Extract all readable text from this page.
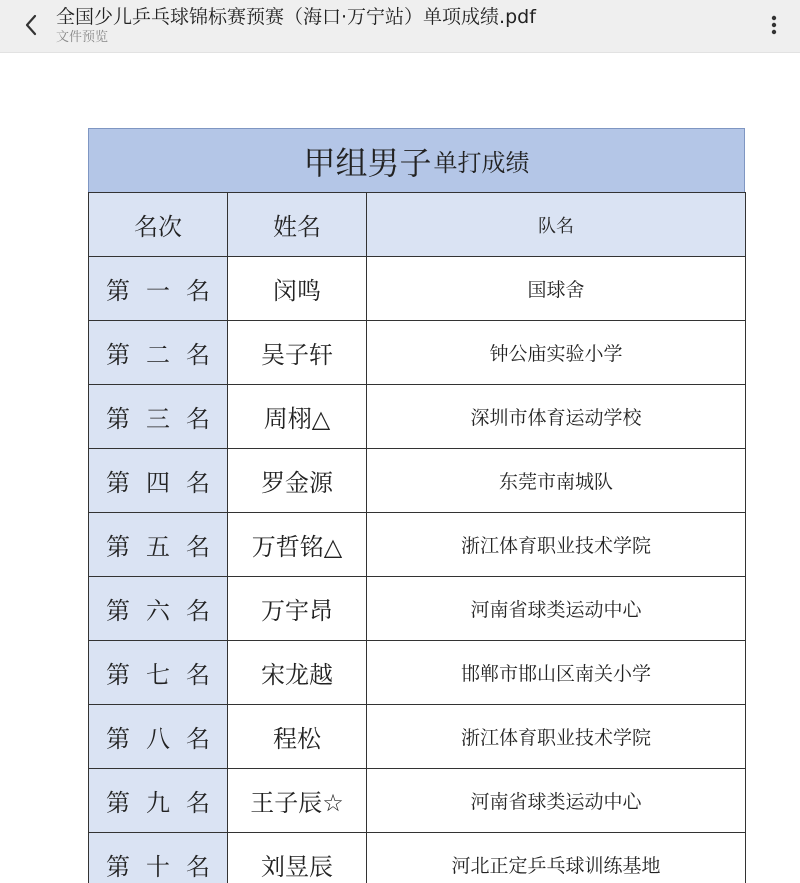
全国少儿乒乓球锦标赛预赛（海口·万宁站）单项成绩.pdf
文件预览
甲组男子 单打成绩
名次	姓名	队名
第一名	闵鸣	国球舍
第二名	吴子轩	钟公庙实验小学
第三名	周栩△	深圳市体育运动学校
第四名	罗金源	东莞市南城队
第五名	万哲铭△	浙江体育职业技术学院
第六名	万宇昂	河南省球类运动中心
第七名	宋龙越	邯郸市邯山区南关小学
第八名	程松	浙江体育职业技术学院
第九名	王子辰☆	河南省球类运动中心
第十名	刘昱辰	河北正定乒乓球训练基地
